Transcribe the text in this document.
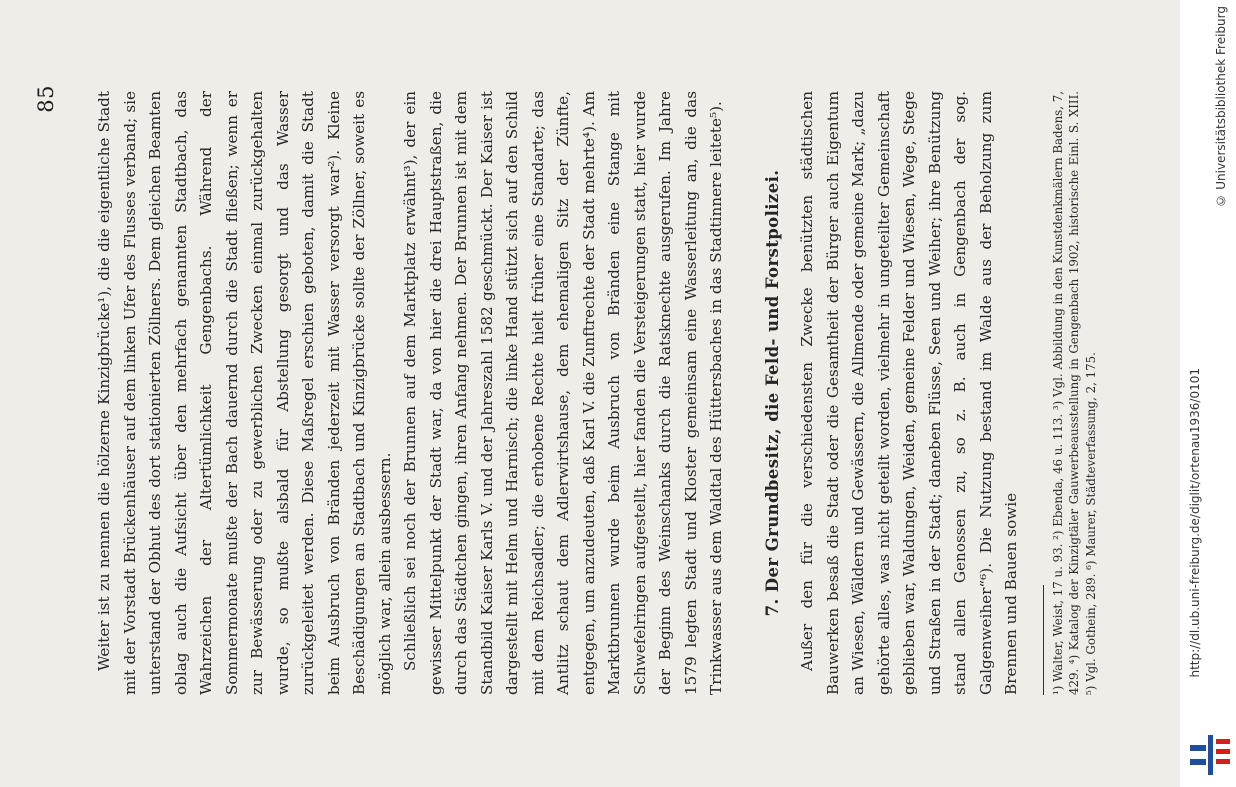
85 Weiter ist zu nennen die hölzerne Kinzigbrücke¹), die die eigentliche Stadt mit der Vorstadt Brückenhäuser auf dem linken Ufer des Flusses verband; sie unterstand der Obhut des dort stationierten Zöllners. Dem gleichen Beamten oblag auch die Aufsicht über den mehrfach genannten Stadtbach, das Wahrzeichen der Altertümlichkeit Gengenbachs. Während der Sommermonate mußte der Bach dauernd durch die Stadt fließen; wenn er zur Bewässerung oder zu gewerblichen Zwecken einmal zurückgehalten wurde, so mußte alsbald für Abstellung gesorgt und das Wasser zurückgeleitet werden. Diese Maßregel erschien geboten, damit die Stadt beim Ausbruch von Bränden jederzeit mit Wasser versorgt war²). Kleine Beschädigungen an Stadtbach und Kinzigbrücke sollte der Zöllner, soweit es möglich war, allein ausbessern. Schließlich sei noch der Brunnen auf dem Marktplatz erwähnt³), der ein gewisser Mittelpunkt der Stadt war, da von hier die drei Hauptstraßen, die durch das Städtchen gingen, ihren Anfang nehmen. Der Brunnen ist mit dem Standbild Kaiser Karls V. und der Jahreszahl 1582 geschmückt. Der Kaiser ist dargestellt mit Helm und Harnisch; die linke Hand stützt sich auf den Schild mit dem Reichsadler; die erhobene Rechte hielt früher eine Standarte; das Antlitz schaut dem Adlerwirtshause, dem ehemaligen Sitz der Zünfte, entgegen, um anzudeuten, daß Karl V. die Zunftrechte der Stadt mehrte⁴). Am Marktbrunnen wurde beim Ausbruch von Bränden eine Stange mit Schwefelringen aufgestellt, hier fanden die Versteigerungen statt, hier wurde der Beginn des Weinschanks durch die Ratsknechte ausgerufen. Im Jahre 1579 legten Stadt und Kloster gemeinsam eine Wasserleitung an, die das Trinkwasser aus dem Waldtal des Hüttersbaches in das Stadtinnere leitete⁵). 7. Der Grundbesitz, die Feld- und Forstpolizei. Außer den für die verschiedensten Zwecke benützten städtischen Bauwerken besaß die Stadt oder die Gesamtheit der Bürger auch Eigentum an Wiesen, Wäldern und Gewässern, die Allmende oder gemeine Mark; „dazu gehörte alles, was nicht geteilt worden, vielmehr in ungeteilter Gemeinschaft geblieben war, Waldungen, Weiden, gemeine Felder und Wiesen, Wege, Stege und Straßen in der Stadt; daneben Flüsse, Seen und Weiher; ihre Benützung stand allen Genossen zu, so z. B. auch in Gengenbach der sog. Galgenweiher“⁶). Die Nutzung bestand im Walde aus der Beholzung zum Brennen und Bauen sowie	¹) Walter, Weist, 17 u. 93. ²) Ebenda, 46 u. 113. ³) Vgl. Abbildung in den Kunstdenkmälern Badens, 7, 429. ⁴) Katalog der Kinzigtäler Gauwerbeausstellung in Gengenbach 1902, historische Einl. S. XIII. ⁵) Vgl. Gothein, 289. ⁶) Maurer, Städteverfassung, 2, 175.	http://dl.ub.uni-freiburg.de/diglit/ortenau1936/0101
© Universitätsbibliothek Freiburg
